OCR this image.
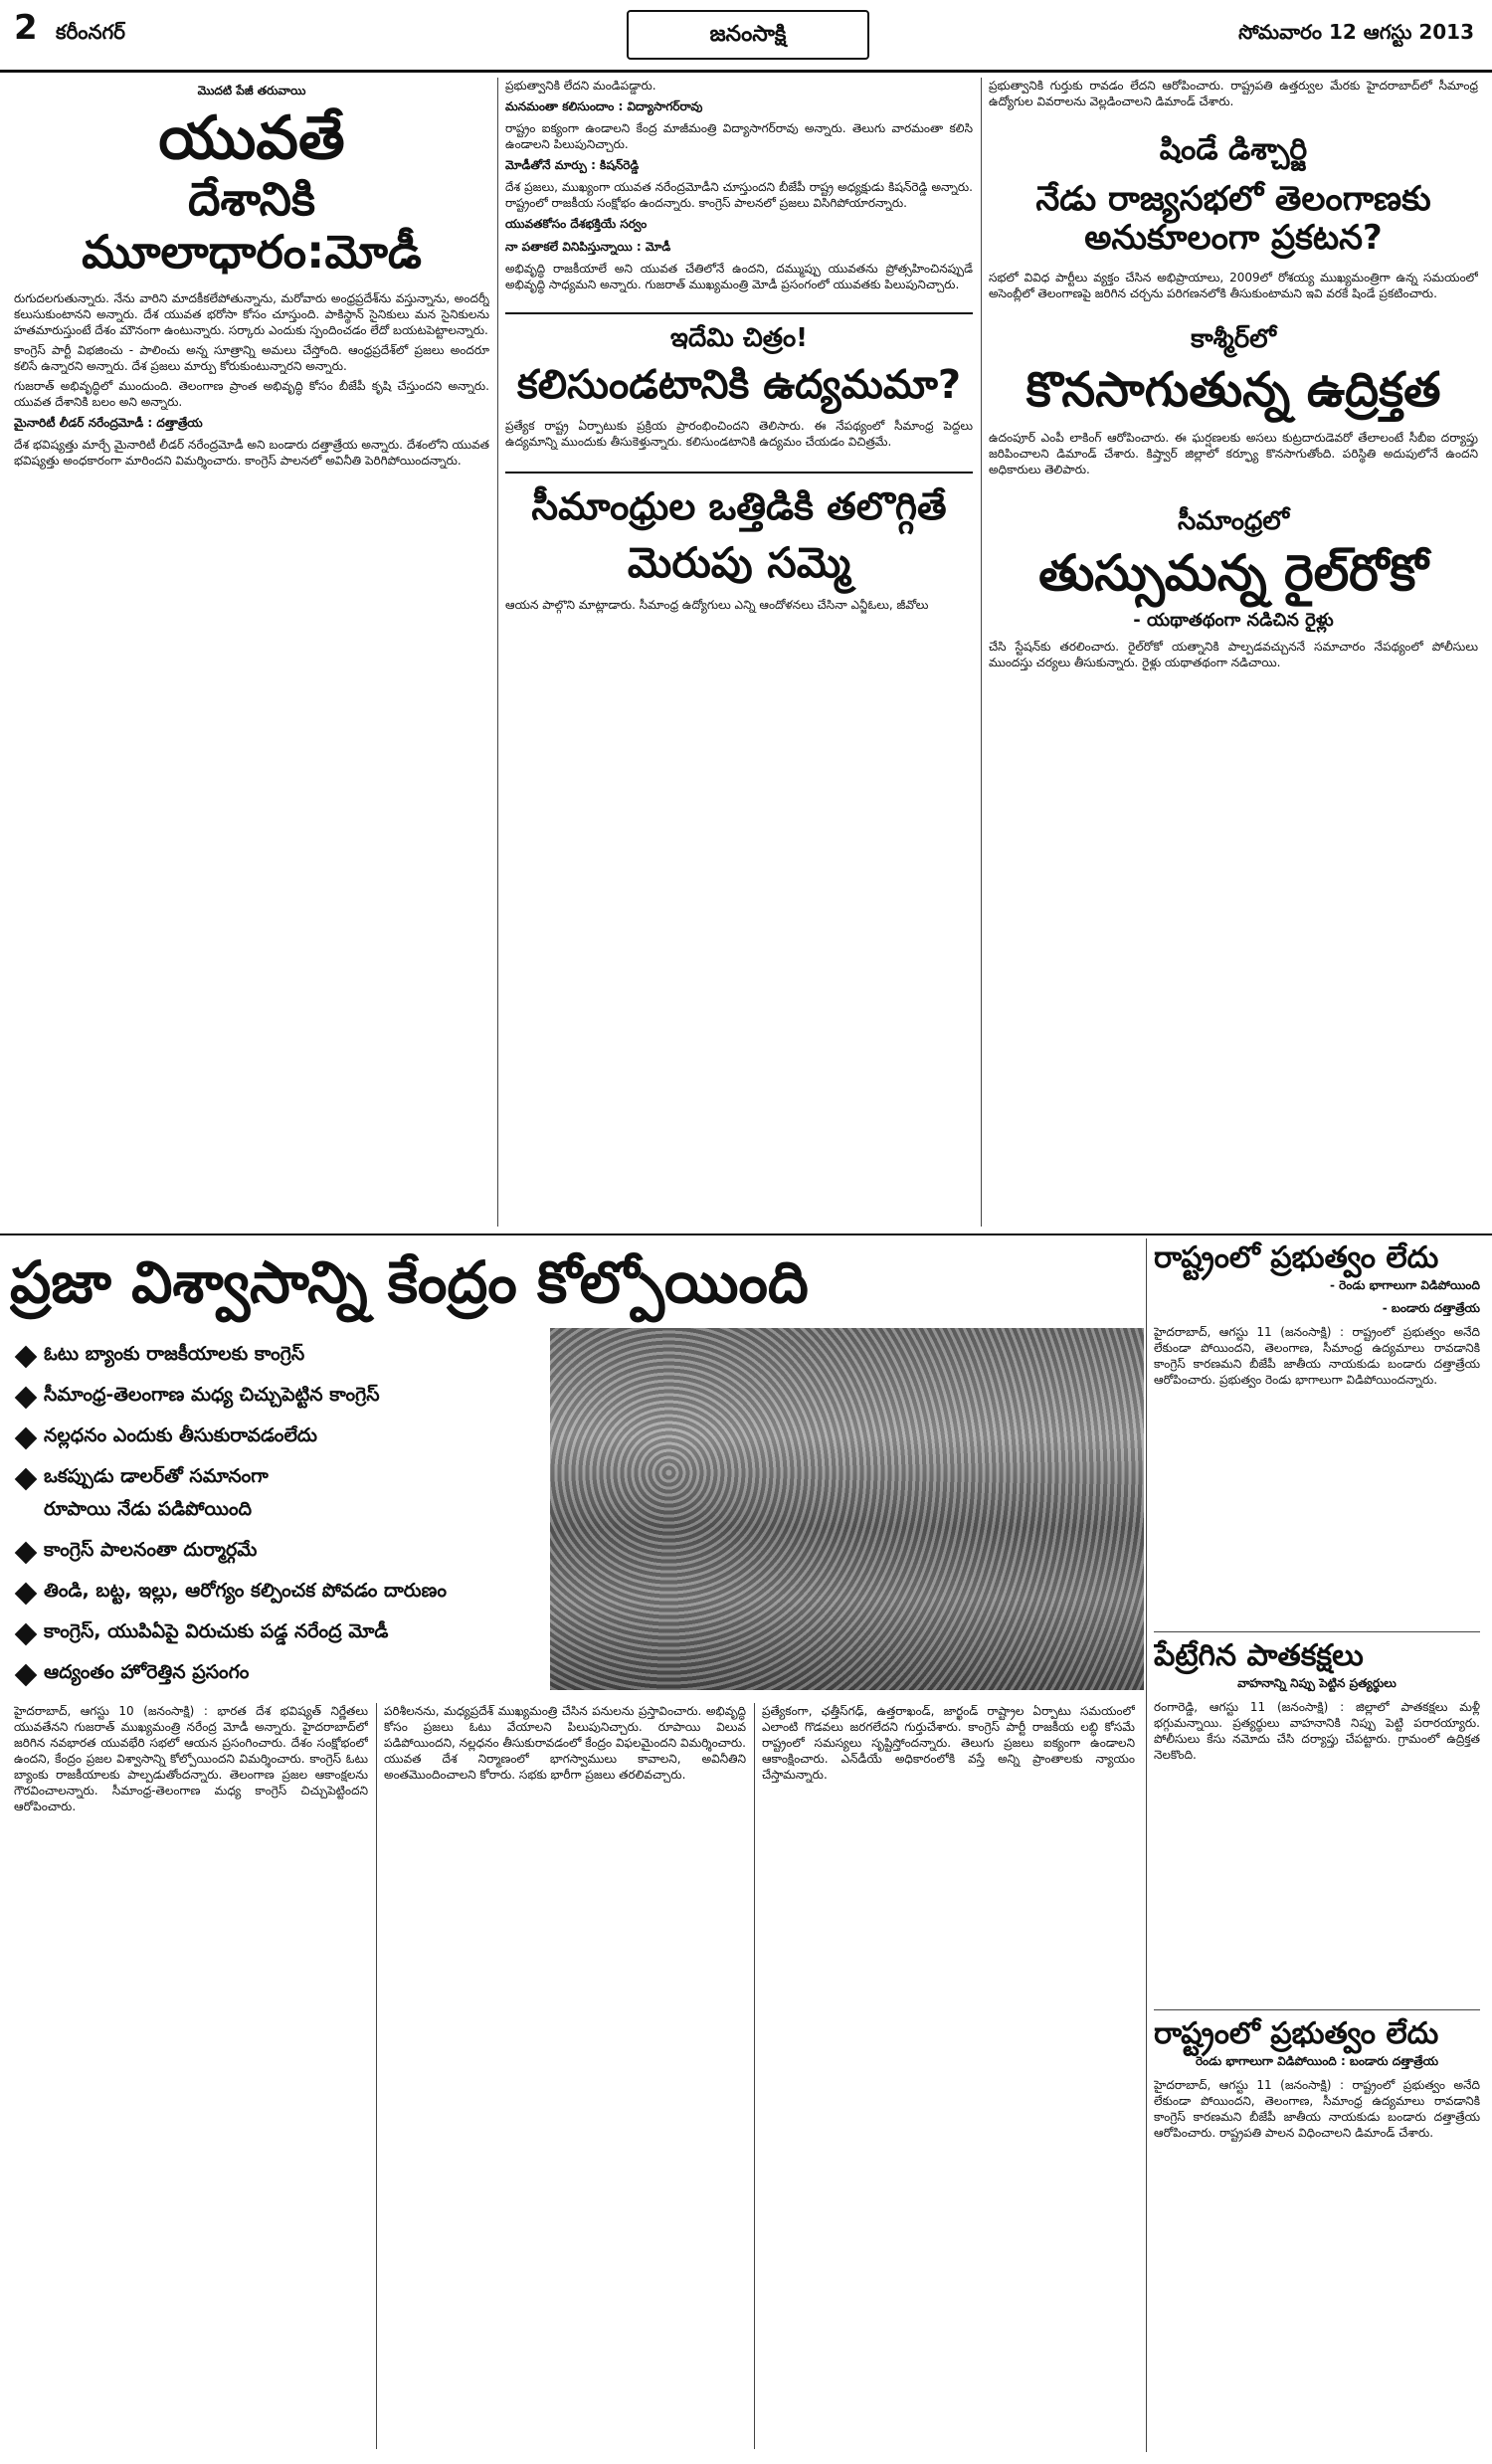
2 కరీంనగర్	జనంసాక్షి	సోమవారం 12 ఆగస్టు 2013
మొదటి పేజీ తరువాయి
యువతే
దేశానికి మూలాధారం:మోడీ

రుగుదలగుతున్నారు. నేను వారిని మాదకీకలేపోతున్నాను, మరోవారు అంధ్రప్రదేశ్‌ను వస్తున్నాను, అందర్నీ కలుసుకుంటానని అన్నారు. దేశ యువత భరోసా కోసం చూస్తుంది. పాకిస్థాన్ సైనికులు మన సైనికులను హతమారుస్తుంటే దేశం మౌనంగా ఉంటున్నారు. సర్కారు ఎందుకు స్పందించడం లేదో బయటపెట్టాలన్నారు.

కాంగ్రెస్ పార్టీ విభజించు - పాలించు అన్న సూత్రాన్ని అమలు చేస్తోంది. ఆంధ్రప్రదేశ్‌లో ప్రజలు అందరూ కలిసే ఉన్నారని అన్నారు. దేశ ప్రజలు మార్పు కోరుకుంటున్నారని అన్నారు.

గుజరాత్ అభివృద్ధిలో ముందుంది. తెలంగాణ ప్రాంత అభివృద్ధి కోసం బీజేపీ కృషి చేస్తుందని అన్నారు. యువత దేశానికి బలం అని అన్నారు.

మైనారిటీ లీడర్ నరేంద్రమోడీ : దత్తాత్రేయ
దేశ భవిష్యత్తు మార్చే మైనారిటీ లీడర్ నరేంద్రమోడీ అని బండారు దత్తాత్రేయ అన్నారు. దేశంలోని యువత భవిష్యత్తు అంధకారంగా మారిందని విమర్శించారు. కాంగ్రెస్ పాలనలో అవినీతి పెరిగిపోయిందన్నారు.
ప్రభుత్వానికి లేదని మండిపడ్డారు.
మనమంతా కలిసుందాం : విద్యాసాగర్‌రావు
రాష్ట్రం ఐక్యంగా ఉండాలని కేంద్ర మాజీమంత్రి విద్యాసాగర్‌రావు అన్నారు. తెలుగు వారమంతా కలిసి ఉండాలని పిలుపునిచ్చారు.
మోడీతోనే మార్పు : కిషన్‌రెడ్డి
దేశ ప్రజలు, ముఖ్యంగా యువత నరేంద్రమోడీని చూస్తుందని బీజేపీ రాష్ట్ర అధ్యక్షుడు కిషన్‌రెడ్డి అన్నారు. రాష్ట్రంలో రాజకీయ సంక్షోభం ఉందన్నారు. కాంగ్రెస్ పాలనలో ప్రజలు విసిగిపోయారన్నారు.
యువతకోసం దేశభక్తియే సర్వం
నా పతాకలే వినిపిస్తున్నాయి : మోడీ
అభివృద్ధి రాజకీయాలే అని యువత చేతిలోనే ఉందని, దమ్ముప్పు యువతను ప్రోత్సహించినప్పుడే అభివృద్ధి సాధ్యమని అన్నారు. గుజరాత్ ముఖ్యమంత్రి మోడీ ప్రసంగంలో యువతకు పిలుపునిచ్చారు.
ఇదేమి చిత్రం!
కలిసుండటానికి ఉద్యమమా?
ప్రత్యేక రాష్ట్ర ఏర్పాటుకు ప్రక్రియ ప్రారంభించిందని తెలిసారు. ఈ నేపథ్యంలో సీమాంధ్ర పెద్దలు ఉద్యమాన్ని ముందుకు తీసుకెళ్తున్నారు. కలిసుండటానికి ఉద్యమం చేయడం విచిత్రమే.
సీమాంధ్రుల ఒత్తిడికి తలొగ్గితే
మెరుపు సమ్మె
ఆయన పాల్గొని మాట్లాడారు. సీమాంధ్ర ఉద్యోగులు ఎన్ని ఆందోళనలు చేసినా ఎన్జీఓలు, జీవోలు
ప్రభుత్వానికి గుర్తుకు రావడం లేదని ఆరోపించారు. రాష్ట్రపతి ఉత్తర్వుల మేరకు హైదరాబాద్‌లో సీమాంధ్ర ఉద్యోగుల వివరాలను వెల్లడించాలని డిమాండ్ చేశారు.
షిండే డిశ్చార్జి
నేడు రాజ్యసభలో తెలంగాణకు అనుకూలంగా ప్రకటన?
సభలో వివిధ పార్టీలు వ్యక్తం చేసిన అభిప్రాయాలు, 2009లో రోశయ్య ముఖ్యమంత్రిగా ఉన్న సమయంలో అసెంబ్లీలో తెలంగాణపై జరిగిన చర్చను పరిగణనలోకి తీసుకుంటామని ఇవి వరకే షిండే ప్రకటించారు.
కాశ్మీర్‌లో
కొనసాగుతున్న ఉద్రిక్తత
ఉదంపూర్ ఎంపీ లాకింగ్ ఆరోపించారు. ఈ ఘర్షణలకు అసలు కుట్రదారుడెవరో తేలాలంటే సీబీఐ దర్యాప్తు జరిపించాలని డిమాండ్ చేశారు. కిష్త్వార్ జిల్లాలో కర్ఫ్యూ కొనసాగుతోంది. పరిస్థితి అదుపులోనే ఉందని అధికారులు తెలిపారు.
సీమాంధ్రలో
తుస్సుమన్న రైల్‌రోకో
- యథాతథంగా నడిచిన రైళ్లు
చేసి స్టేషన్‌కు తరలించారు. రైల్‌రోకో యత్నానికి పాల్పడవచ్చుననే సమాచారం నేపథ్యంలో పోలీసులు ముందస్తు చర్యలు తీసుకున్నారు. రైళ్లు యథాతథంగా నడిచాయి.
ప్రజా విశ్వాసాన్ని కేంద్రం కోల్పోయింది
ఓటు బ్యాంకు రాజకీయాలకు కాంగ్రెస్
సీమాంధ్ర-తెలంగాణ మధ్య చిచ్చుపెట్టిన కాంగ్రెస్
నల్లధనం ఎందుకు తీసుకురావడంలేదు
ఒకప్పుడు డాలర్‌తో సమానంగా
రూపాయి నేడు పడిపోయింది
కాంగ్రెస్ పాలనంతా దుర్మార్గమే
తిండి, బట్ట, ఇల్లు, ఆరోగ్యం కల్పించక పోవడం దారుణం
కాంగ్రెస్, యుపిఏపై విరుచుకు పడ్డ నరేంద్ర మోడీ
ఆద్యంతం హోరెత్తిన ప్రసంగం
హైదరాబాద్, ఆగస్టు 10 (జనంసాక్షి) : భారత దేశ భవిష్యత్ నిర్ణేతలు యువతేనని గుజరాత్ ముఖ్యమంత్రి నరేంద్ర మోడీ అన్నారు. హైదరాబాద్‌లో జరిగిన నవభారత యువభేరి సభలో ఆయన ప్రసంగించారు. దేశం సంక్షోభంలో ఉందని, కేంద్రం ప్రజల విశ్వాసాన్ని కోల్పోయిందని విమర్శించారు. కాంగ్రెస్ ఓటు బ్యాంకు రాజకీయాలకు పాల్పడుతోందన్నారు. తెలంగాణ ప్రజల ఆకాంక్షలను గౌరవించాలన్నారు. సీమాంధ్ర-తెలంగాణ మధ్య కాంగ్రెస్ చిచ్చుపెట్టిందని ఆరోపించారు.
పరిశీలనను, మధ్యప్రదేశ్ ముఖ్యమంత్రి చేసిన పనులను ప్రస్తావించారు. అభివృద్ధి కోసం ప్రజలు ఓటు వేయాలని పిలుపునిచ్చారు. రూపాయి విలువ పడిపోయిందని, నల్లధనం తీసుకురావడంలో కేంద్రం విఫలమైందని విమర్శించారు. యువత దేశ నిర్మాణంలో భాగస్వాములు కావాలని, అవినీతిని అంతమొందించాలని కోరారు. సభకు భారీగా ప్రజలు తరలివచ్చారు.
ప్రత్యేకంగా, ఛత్తీస్‌గఢ్, ఉత్తరాఖండ్, జార్ఖండ్ రాష్ట్రాల ఏర్పాటు సమయంలో ఎలాంటి గొడవలు జరగలేదని గుర్తుచేశారు. కాంగ్రెస్ పార్టీ రాజకీయ లబ్ధి కోసమే రాష్ట్రంలో సమస్యలు సృష్టిస్తోందన్నారు. తెలుగు ప్రజలు ఐక్యంగా ఉండాలని ఆకాంక్షించారు. ఎన్‌డీయే అధికారంలోకి వస్తే అన్ని ప్రాంతాలకు న్యాయం చేస్తామన్నారు.
రాష్ట్రంలో ప్రభుత్వం లేదు
- రెండు భాగాలుగా విడిపోయింది
- బండారు దత్తాత్రేయ
హైదరాబాద్, ఆగస్టు 11 (జనంసాక్షి) : రాష్ట్రంలో ప్రభుత్వం అనేది లేకుండా పోయిందని, తెలంగాణ, సీమాంధ్ర ఉద్యమాలు రావడానికి కాంగ్రెస్ కారణమని బీజేపీ జాతీయ నాయకుడు బండారు దత్తాత్రేయ ఆరోపించారు. ప్రభుత్వం రెండు భాగాలుగా విడిపోయిందన్నారు.
పేట్రేగిన పాతకక్షలు
వాహనాన్ని నిప్పు పెట్టిన ప్రత్యర్థులు
రంగారెడ్డి, ఆగస్టు 11 (జనంసాక్షి) : జిల్లాలో పాతకక్షలు మళ్లీ భగ్గుమన్నాయి. ప్రత్యర్థులు వాహనానికి నిప్పు పెట్టి పరారయ్యారు. పోలీసులు కేసు నమోదు చేసి దర్యాప్తు చేపట్టారు. గ్రామంలో ఉద్రిక్తత నెలకొంది.
రాష్ట్రంలో ప్రభుత్వం లేదు
రెండు భాగాలుగా విడిపోయింది : బండారు దత్తాత్రేయ
హైదరాబాద్, ఆగస్టు 11 (జనంసాక్షి) : రాష్ట్రంలో ప్రభుత్వం అనేది లేకుండా పోయిందని, తెలంగాణ, సీమాంధ్ర ఉద్యమాలు రావడానికి కాంగ్రెస్ కారణమని బీజేపీ జాతీయ నాయకుడు బండారు దత్తాత్రేయ ఆరోపించారు. రాష్ట్రపతి పాలన విధించాలని డిమాండ్ చేశారు.
